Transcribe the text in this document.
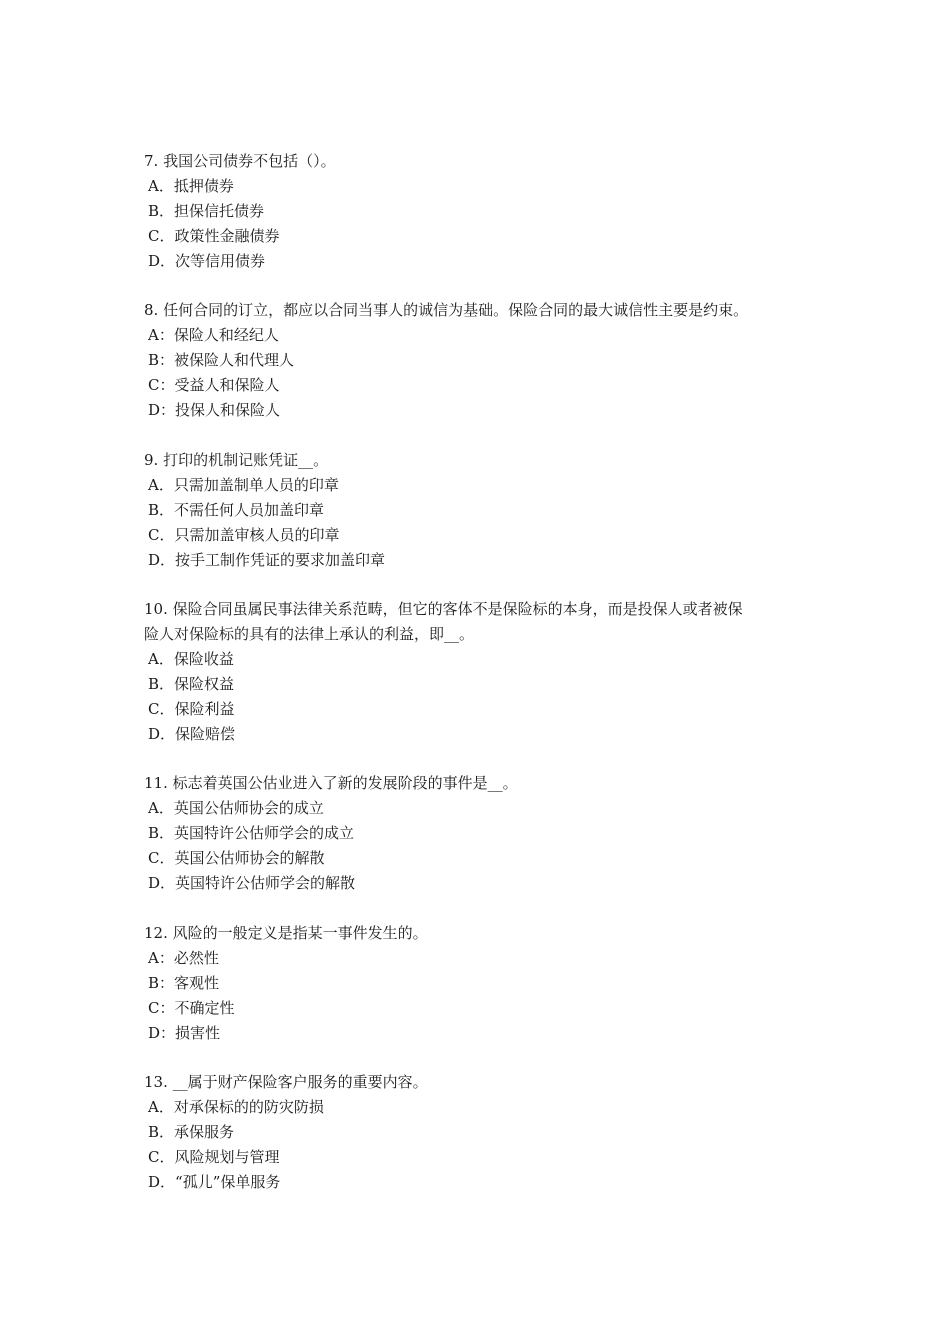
7. 我国公司债券不包括（）。

A．抵押债券

B．担保信托债券

C．政策性金融债券

D．次等信用债券

8. 任何合同的订立，都应以合同当事人的诚信为基础。保险合同的最大诚信性主要是约束。

A：保险人和经纪人

B：被保险人和代理人

C：受益人和保险人

D：投保人和保险人

9. 打印的机制记账凭证__。

A．只需加盖制单人员的印章

B．不需任何人员加盖印章

C．只需加盖审核人员的印章

D．按手工制作凭证的要求加盖印章

10. 保险合同虽属民事法律关系范畴，但它的客体不是保险标的本身，而是投保人或者被保

险人对保险标的具有的法律上承认的利益，即__。

A．保险收益

B．保险权益

C．保险利益

D．保险赔偿

11. 标志着英国公估业进入了新的发展阶段的事件是__。

A．英国公估师协会的成立

B．英国特许公估师学会的成立

C．英国公估师协会的解散

D．英国特许公估师学会的解散

12. 风险的一般定义是指某一事件发生的。

A：必然性

B：客观性

C：不确定性

D：损害性

13. __属于财产保险客户服务的重要内容。

A．对承保标的的防灾防损

B．承保服务

C．风险规划与管理

D．“孤儿”保单服务
